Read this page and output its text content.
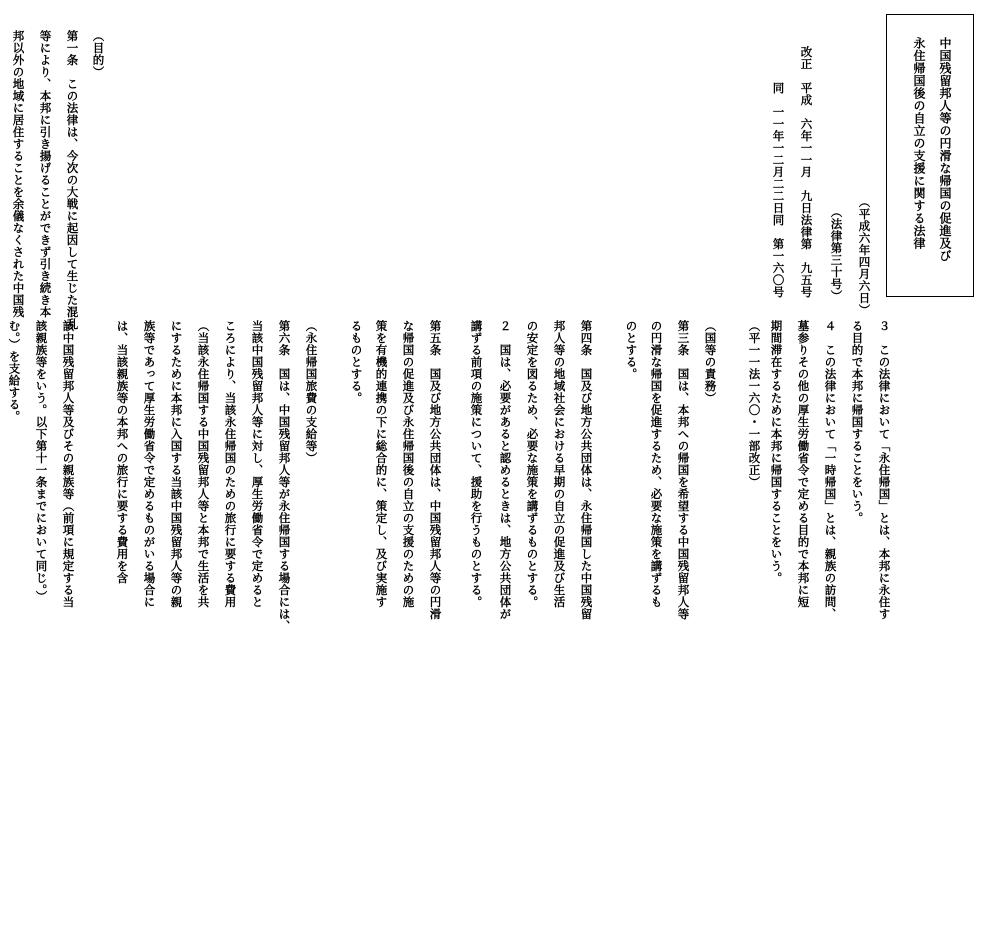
中国残留邦人等の円滑な帰国の促進及び
永住帰国後の自立の支援に関する法律
（平成六年四月六日）
（法律第三十号）
改正　平成　六年一一月　九日法律第　九五号
同　一一年一二月二二日同　第一六〇号
（目的）
第一条　この法律は、今次の大戦に起因して生じた混乱
等により、本邦に引き揚げることができず引き続き本
邦以外の地域に居住することを余儀なくされた中国残
該中国残留邦人等及びその親族等（前項に規定する当
該親族等をいう。以下第十一条までにおいて同じ。）
む。）を支給する。	は、当該親族等の本邦への旅行に要する費用を含 族等であって厚生労働省令で定めるものがいる場合に にするために本邦に入国する当該中国残留邦人等の親 （当該永住帰国する中国残留邦人等と本邦で生活を共 ころにより、当該永住帰国のための旅行に要する費用 当該中国残留邦人等に対し、厚生労働省令で定めると 第六条　国は、中国残留邦人等が永住帰国する場合には、 （永住帰国旅費の支給等）	るものとする。 策を有機的連携の下に総合的に、策定し、及び実施す な帰国の促進及び永住帰国後の自立の支援のための施 第五条　国及び地方公共団体は、中国残留邦人等の円滑 講ずる前項の施策について、援助を行うものとする。 ２　国は、必要があると認めるときは、地方公共団体が の安定を図るため、必要な施策を講ずるものとする。 邦人等の地域社会における早期の自立の促進及び生活 第四条　国及び地方公共団体は、永住帰国した中国残留	のとする。 の円滑な帰国を促進するため、必要な施策を講ずるも 第三条　国は、本邦への帰国を希望する中国残留邦人等 （国等の責務）	（平一一法一六〇・一部改正） 期間滞在するために本邦に帰国することをいう。 墓参りその他の厚生労働省令で定める目的で本邦に短 ４　この法律において「一時帰国」とは、親族の訪問、 る目的で本邦に帰国することをいう。 ３　この法律において「永住帰国」とは、本邦に永住す
